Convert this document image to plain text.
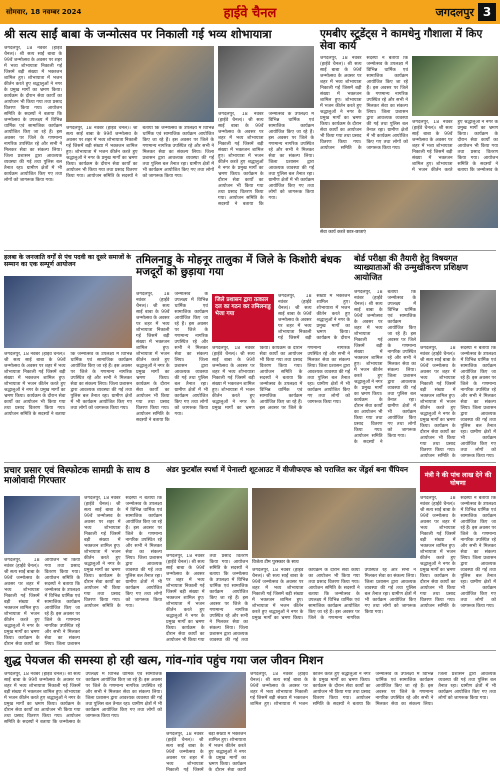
सोमवार, 18 नवम्बर 2024	हाईवे चैनल	जगदलपुर 3
श्री सत्य साईं बाबा के जन्मोत्सव पर निकाली गई भव्य शोभायात्रा
जगदलपुर, 18 नवंबर (हाईवे चैनल)। श्री सत्य साईं बाबा के 99वें जन्मोत्सव के अवसर पर शहर में भव्य शोभायात्रा निकाली गई जिसमें बड़ी संख्या में भक्तजन शामिल हुए। शोभायात्रा में भजन कीर्तन करते हुए श्रद्धालुओं ने नगर के प्रमुख मार्गों का भ्रमण किया। कार्यक्रम के दौरान सेवा कार्यों का आयोजन भी किया गया तथा प्रसाद वितरण किया गया। आयोजन समिति के सदस्यों ने बताया कि जन्मोत्सव के उपलक्ष्य में विभिन्न धार्मिक एवं सामाजिक कार्यक्रम आयोजित किए जा रहे हैं। इस अवसर पर जिले के गणमान्य नागरिक उपस्थित रहे और सभी ने मिलकर सेवा का संकल्प लिया। जिला प्रशासन द्वारा आवश्यक व्यवस्था की गई तथा पुलिस बल तैनात रहा। ग्रामीण क्षेत्रों में भी कार्यक्रम आयोजित किए गए तथा लोगों को जागरूक किया गया।
जगदलपुर, 18 नवंबर (हाईवे चैनल)। श्री सत्य साईं बाबा के 99वें जन्मोत्सव के अवसर पर शहर में भव्य शोभायात्रा निकाली गई जिसमें बड़ी संख्या में भक्तजन शामिल हुए। शोभायात्रा में भजन कीर्तन करते हुए श्रद्धालुओं ने नगर के प्रमुख मार्गों का भ्रमण किया। कार्यक्रम के दौरान सेवा कार्यों का आयोजन भी किया गया तथा प्रसाद वितरण किया गया। आयोजन समिति के सदस्यों ने बताया कि जन्मोत्सव के उपलक्ष्य में विभिन्न धार्मिक एवं सामाजिक कार्यक्रम आयोजित किए जा रहे हैं। इस अवसर पर जिले के गणमान्य नागरिक उपस्थित रहे और सभी ने मिलकर सेवा का संकल्प लिया। जिला प्रशासन द्वारा आवश्यक व्यवस्था की गई तथा पुलिस बल तैनात रहा। ग्रामीण क्षेत्रों में भी कार्यक्रम आयोजित किए गए तथा लोगों को जागरूक किया गया।
जगदलपुर, 18 नवंबर (हाईवे चैनल)। श्री सत्य साईं बाबा के 99वें जन्मोत्सव के अवसर पर शहर में भव्य शोभायात्रा निकाली गई जिसमें बड़ी संख्या में भक्तजन शामिल हुए। शोभायात्रा में भजन कीर्तन करते हुए श्रद्धालुओं ने नगर के प्रमुख मार्गों का भ्रमण किया। कार्यक्रम के दौरान सेवा कार्यों का आयोजन भी किया गया तथा प्रसाद वितरण किया गया। आयोजन समिति के सदस्यों ने बताया कि जन्मोत्सव के उपलक्ष्य में विभिन्न धार्मिक एवं सामाजिक कार्यक्रम आयोजित किए जा रहे हैं। इस अवसर पर जिले के गणमान्य नागरिक उपस्थित रहे और सभी ने मिलकर सेवा का संकल्प लिया। जिला प्रशासन द्वारा आवश्यक व्यवस्था की गई तथा पुलिस बल तैनात रहा। ग्रामीण क्षेत्रों में भी कार्यक्रम आयोजित किए गए तथा लोगों को जागरूक किया गया।
एमबीए स्टूडेंट्स ने कामधेनु गौशाला में किए सेवा कार्य
जगदलपुर, 18 नवंबर (हाईवे चैनल)। श्री सत्य साईं बाबा के 99वें जन्मोत्सव के अवसर पर शहर में भव्य शोभायात्रा निकाली गई जिसमें बड़ी संख्या में भक्तजन शामिल हुए। शोभायात्रा में भजन कीर्तन करते हुए श्रद्धालुओं ने नगर के प्रमुख मार्गों का भ्रमण किया। कार्यक्रम के दौरान सेवा कार्यों का आयोजन भी किया गया तथा प्रसाद वितरण किया गया। आयोजन समिति के सदस्यों ने बताया कि जन्मोत्सव के उपलक्ष्य में विभिन्न धार्मिक एवं सामाजिक कार्यक्रम आयोजित किए जा रहे हैं। इस अवसर पर जिले के गणमान्य नागरिक उपस्थित रहे और सभी ने मिलकर सेवा का संकल्प लिया। जिला प्रशासन द्वारा आवश्यक व्यवस्था की गई तथा पुलिस बल तैनात रहा। ग्रामीण क्षेत्रों में भी कार्यक्रम आयोजित किए गए तथा लोगों को जागरूक किया गया।
जगदलपुर, 18 नवंबर (हाईवे चैनल)। श्री सत्य साईं बाबा के 99वें जन्मोत्सव के अवसर पर शहर में भव्य शोभायात्रा निकाली गई जिसमें बड़ी संख्या में भक्तजन शामिल हुए। शोभायात्रा में भजन कीर्तन करते हुए श्रद्धालुओं ने नगर के प्रमुख मार्गों का भ्रमण किया। कार्यक्रम के दौरान सेवा कार्यों का आयोजन भी किया गया तथा प्रसाद वितरण किया गया। आयोजन समिति के सदस्यों ने बताया कि जन्मोत्सव के
सेवा कार्य करते छात्र-छात्राएं
हलबा के जनजाति वर्गों से पंच पदवी का दूसरे समाजों के सम्मान का एक सम्पूर्ण आयोजन
जगदलपुर, 18 नवंबर (हाईवे चैनल)। श्री सत्य साईं बाबा के 99वें जन्मोत्सव के अवसर पर शहर में भव्य शोभायात्रा निकाली गई जिसमें बड़ी संख्या में भक्तजन शामिल हुए। शोभायात्रा में भजन कीर्तन करते हुए श्रद्धालुओं ने नगर के प्रमुख मार्गों का भ्रमण किया। कार्यक्रम के दौरान सेवा कार्यों का आयोजन भी किया गया तथा प्रसाद वितरण किया गया। आयोजन समिति के सदस्यों ने बताया कि जन्मोत्सव के उपलक्ष्य में विभिन्न धार्मिक एवं सामाजिक कार्यक्रम आयोजित किए जा रहे हैं। इस अवसर पर जिले के गणमान्य नागरिक उपस्थित रहे और सभी ने मिलकर सेवा का संकल्प लिया। जिला प्रशासन द्वारा आवश्यक व्यवस्था की गई तथा पुलिस बल तैनात रहा। ग्रामीण क्षेत्रों में भी कार्यक्रम आयोजित किए गए तथा लोगों को जागरूक किया गया।
तमिलनाडु के मोहनूर तालुका में जिले के किशोरी बंधक मजदूरों को छुड़ाया गया
जगदलपुर, 18 नवंबर (हाईवे चैनल)। श्री सत्य साईं बाबा के 99वें जन्मोत्सव के अवसर पर शहर में भव्य शोभायात्रा निकाली गई जिसमें बड़ी संख्या में भक्तजन शामिल हुए। शोभायात्रा में भजन कीर्तन करते हुए श्रद्धालुओं ने नगर के प्रमुख मार्गों का भ्रमण किया। कार्यक्रम के दौरान सेवा कार्यों का आयोजन भी किया गया तथा प्रसाद वितरण किया गया। आयोजन समिति के सदस्यों ने बताया कि जन्मोत्सव के उपलक्ष्य में विभिन्न धार्मिक एवं सामाजिक कार्यक्रम आयोजित किए जा रहे हैं। इस अवसर पर जिले के गणमान्य नागरिक उपस्थित रहे और सभी ने मिलकर सेवा का संकल्प लिया। जिला प्रशासन द्वारा आवश्यक व्यवस्था की गई तथा पुलिस बल तैनात रहा। ग्रामीण क्षेत्रों में भी कार्यक्रम आयोजित किए गए तथा लोगों को जागरूक किया गया।
जिले प्रशासन द्वारा तत्काल दल का गठन कर तमिलनाडु भेजा गया
जगदलपुर, 18 नवंबर (हाईवे चैनल)। श्री सत्य साईं बाबा के 99वें जन्मोत्सव के अवसर पर शहर में भव्य शोभायात्रा निकाली गई जिसमें बड़ी संख्या में भक्तजन शामिल हुए। शोभायात्रा में भजन कीर्तन करते हुए श्रद्धालुओं ने नगर के प्रमुख मार्गों का भ्रमण किया। कार्यक्रम के दौरान सेवा कार्यों का आयोजन भी किया गया तथा प्रसाद वितरण किया गया। आयोजन समिति के सदस्यों ने बताया कि जन्मोत्सव के उपलक्ष्य में विभिन्न धार्मिक एवं सामाजिक कार्यक्रम आयोजित किए जा रहे हैं। इस अवसर पर जिले के गणमान्य नागरिक उपस्थित रहे और सभी ने मिलकर सेवा का संकल्प लिया। जिला प्रशासन द्वारा आवश्यक व्यवस्था की गई तथा पुलिस बल तैनात रहा। ग्रामीण क्षेत्रों में भी कार्यक्रम आयोजित किए गए तथा लोगों को जागरूक किया गया।
जगदलपुर, 18 नवंबर (हाईवे चैनल)। श्री सत्य साईं बाबा के 99वें जन्मोत्सव के अवसर पर शहर में भव्य शोभायात्रा निकाली गई जिसमें बड़ी संख्या में भक्तजन शामिल हुए। शोभायात्रा में भजन कीर्तन करते हुए श्रद्धालुओं ने नगर के प्रमुख मार्गों का भ्रमण किया। कार्यक्रम के दौरान
बोर्ड परीक्षा की तैयारी हेतु विषयगत व्याख्याताओं की उन्मुखीकरण प्रशिक्षण आयोजित
जगदलपुर, 18 नवंबर (हाईवे चैनल)। श्री सत्य साईं बाबा के 99वें जन्मोत्सव के अवसर पर शहर में भव्य शोभायात्रा निकाली गई जिसमें बड़ी संख्या में भक्तजन शामिल हुए। शोभायात्रा में भजन कीर्तन करते हुए श्रद्धालुओं ने नगर के प्रमुख मार्गों का भ्रमण किया। कार्यक्रम के दौरान सेवा कार्यों का आयोजन भी किया गया तथा प्रसाद वितरण किया गया। आयोजन समिति के सदस्यों ने बताया कि जन्मोत्सव के उपलक्ष्य में विभिन्न धार्मिक एवं सामाजिक कार्यक्रम आयोजित किए जा रहे हैं। इस अवसर पर जिले के गणमान्य नागरिक उपस्थित रहे और सभी ने मिलकर सेवा का संकल्प लिया। जिला प्रशासन द्वारा आवश्यक व्यवस्था की गई तथा पुलिस बल तैनात रहा। ग्रामीण क्षेत्रों में भी कार्यक्रम आयोजित किए गए तथा लोगों को जागरूक किया गया।
जगदलपुर, 18 नवंबर (हाईवे चैनल)। श्री सत्य साईं बाबा के 99वें जन्मोत्सव के अवसर पर शहर में भव्य शोभायात्रा निकाली गई जिसमें बड़ी संख्या में भक्तजन शामिल हुए। शोभायात्रा में भजन कीर्तन करते हुए श्रद्धालुओं ने नगर के प्रमुख मार्गों का भ्रमण किया। कार्यक्रम के दौरान सेवा कार्यों का आयोजन भी किया गया तथा प्रसाद वितरण किया गया। आयोजन समिति के सदस्यों ने बताया कि जन्मोत्सव के उपलक्ष्य में विभिन्न धार्मिक एवं सामाजिक कार्यक्रम आयोजित किए जा रहे हैं। इस अवसर पर जिले के गणमान्य नागरिक उपस्थित रहे और सभी ने मिलकर सेवा का संकल्प लिया। जिला प्रशासन द्वारा आवश्यक व्यवस्था की गई तथा पुलिस बल तैनात रहा। ग्रामीण क्षेत्रों में भी कार्यक्रम आयोजित किए गए तथा लोगों को जागरूक किया गया।
प्रचार प्रसार एवं विस्फोटक सामग्री के साथ 8 माओवादी गिरफ्तार
जगदलपुर, 18 नवंबर (हाईवे चैनल)। श्री सत्य साईं बाबा के 99वें जन्मोत्सव के अवसर पर शहर में भव्य शोभायात्रा निकाली गई जिसमें बड़ी संख्या में भक्तजन शामिल हुए। शोभायात्रा में भजन कीर्तन करते हुए श्रद्धालुओं ने नगर के प्रमुख मार्गों का भ्रमण किया। कार्यक्रम के दौरान सेवा कार्यों का आयोजन भी किया गया तथा प्रसाद वितरण किया गया। आयोजन समिति के सदस्यों ने बताया कि जन्मोत्सव के उपलक्ष्य में विभिन्न धार्मिक एवं सामाजिक कार्यक्रम आयोजित किए जा रहे हैं। इस अवसर पर जिले के गणमान्य नागरिक उपस्थित रहे और सभी ने मिलकर सेवा का संकल्प लिया। जिला प्रशासन
जगदलपुर, 18 नवंबर (हाईवे चैनल)। श्री सत्य साईं बाबा के 99वें जन्मोत्सव के अवसर पर शहर में भव्य शोभायात्रा निकाली गई जिसमें बड़ी संख्या में भक्तजन शामिल हुए। शोभायात्रा में भजन कीर्तन करते हुए श्रद्धालुओं ने नगर के प्रमुख मार्गों का भ्रमण किया। कार्यक्रम के दौरान सेवा कार्यों का आयोजन भी किया गया तथा प्रसाद वितरण किया गया। आयोजन समिति के सदस्यों ने बताया कि जन्मोत्सव के उपलक्ष्य में विभिन्न धार्मिक एवं सामाजिक कार्यक्रम आयोजित किए जा रहे हैं। इस अवसर पर जिले के गणमान्य नागरिक उपस्थित रहे और सभी ने मिलकर सेवा का संकल्प लिया। जिला प्रशासन द्वारा आवश्यक व्यवस्था की गई तथा पुलिस बल तैनात रहा। ग्रामीण क्षेत्रों में भी कार्यक्रम आयोजित किए गए तथा लोगों को जागरूक किया गया।
अंडर फुटबॉल स्पर्धा में पेनाल्टी शूटआउट में वीजीफएफ को पराजित कर जेंड्रर्स बना चैंपियन
जगदलपुर, 18 नवंबर (हाईवे चैनल)। श्री सत्य साईं बाबा के 99वें जन्मोत्सव के अवसर पर शहर में भव्य शोभायात्रा निकाली गई जिसमें बड़ी संख्या में भक्तजन शामिल हुए। शोभायात्रा में भजन कीर्तन करते हुए श्रद्धालुओं ने नगर के प्रमुख मार्गों का भ्रमण किया। कार्यक्रम के दौरान सेवा कार्यों का आयोजन भी किया गया तथा प्रसाद वितरण किया गया। आयोजन समिति के सदस्यों ने बताया कि जन्मोत्सव के उपलक्ष्य में विभिन्न धार्मिक एवं सामाजिक कार्यक्रम आयोजित किए जा रहे हैं। इस अवसर पर जिले के गणमान्य नागरिक उपस्थित रहे और सभी ने मिलकर सेवा का संकल्प लिया। जिला प्रशासन द्वारा आवश्यक व्यवस्था की गई तथा
विजेता टीम पुरस्कार के साथ
जगदलपुर, 18 नवंबर (हाईवे चैनल)। श्री सत्य साईं बाबा के 99वें जन्मोत्सव के अवसर पर शहर में भव्य शोभायात्रा निकाली गई जिसमें बड़ी संख्या में भक्तजन शामिल हुए। शोभायात्रा में भजन कीर्तन करते हुए श्रद्धालुओं ने नगर के प्रमुख मार्गों का भ्रमण किया। कार्यक्रम के दौरान सेवा कार्यों का आयोजन भी किया गया तथा प्रसाद वितरण किया गया। आयोजन समिति के सदस्यों ने बताया कि जन्मोत्सव के उपलक्ष्य में विभिन्न धार्मिक एवं सामाजिक कार्यक्रम आयोजित किए जा रहे हैं। इस अवसर पर जिले के गणमान्य नागरिक उपस्थित रहे और सभी ने मिलकर सेवा का संकल्प लिया। जिला प्रशासन द्वारा आवश्यक व्यवस्था की गई तथा पुलिस बल तैनात रहा। ग्रामीण क्षेत्रों में भी कार्यक्रम आयोजित किए गए तथा लोगों को जागरूक किया गया।
मंत्री ने की पांच लाख देने की घोषणा
जगदलपुर, 18 नवंबर (हाईवे चैनल)। श्री सत्य साईं बाबा के 99वें जन्मोत्सव के अवसर पर शहर में भव्य शोभायात्रा निकाली गई जिसमें बड़ी संख्या में भक्तजन शामिल हुए। शोभायात्रा में भजन कीर्तन करते हुए श्रद्धालुओं ने नगर के प्रमुख मार्गों का भ्रमण किया। कार्यक्रम के दौरान सेवा कार्यों का आयोजन भी किया गया तथा प्रसाद वितरण किया गया। आयोजन समिति के सदस्यों ने बताया कि जन्मोत्सव के उपलक्ष्य में विभिन्न धार्मिक एवं सामाजिक कार्यक्रम आयोजित किए जा रहे हैं। इस अवसर पर जिले के गणमान्य नागरिक उपस्थित रहे और सभी ने मिलकर सेवा का संकल्प लिया। जिला प्रशासन द्वारा आवश्यक व्यवस्था की गई तथा पुलिस बल तैनात रहा। ग्रामीण क्षेत्रों में भी कार्यक्रम आयोजित किए गए तथा लोगों को जागरूक किया गया।
शुद्ध पेयजल की समस्या हो रही खत्म, गांव-गांव पहुंच गया जल जीवन मिशन
जगदलपुर, 18 नवंबर (हाईवे चैनल)। श्री सत्य साईं बाबा के 99वें जन्मोत्सव के अवसर पर शहर में भव्य शोभायात्रा निकाली गई जिसमें बड़ी संख्या में भक्तजन शामिल हुए। शोभायात्रा में भजन कीर्तन करते हुए श्रद्धालुओं ने नगर के प्रमुख मार्गों का भ्रमण किया। कार्यक्रम के दौरान सेवा कार्यों का आयोजन भी किया गया तथा प्रसाद वितरण किया गया। आयोजन समिति के सदस्यों ने बताया कि जन्मोत्सव के उपलक्ष्य में विभिन्न धार्मिक एवं सामाजिक कार्यक्रम आयोजित किए जा रहे हैं। इस अवसर पर जिले के गणमान्य नागरिक उपस्थित रहे और सभी ने मिलकर सेवा का संकल्प लिया। जिला प्रशासन द्वारा आवश्यक व्यवस्था की गई तथा पुलिस बल तैनात रहा। ग्रामीण क्षेत्रों में भी कार्यक्रम आयोजित किए गए तथा लोगों को जागरूक किया गया।
जगदलपुर, 18 नवंबर (हाईवे चैनल)। श्री सत्य साईं बाबा के 99वें जन्मोत्सव के अवसर पर शहर में भव्य शोभायात्रा निकाली गई जिसमें बड़ी संख्या में भक्तजन शामिल हुए। शोभायात्रा में भजन कीर्तन करते हुए श्रद्धालुओं ने नगर के प्रमुख मार्गों का भ्रमण किया। कार्यक्रम के दौरान सेवा कार्यों
जगदलपुर, 18 नवंबर (हाईवे चैनल)। श्री सत्य साईं बाबा के 99वें जन्मोत्सव के अवसर पर शहर में भव्य शोभायात्रा निकाली गई जिसमें बड़ी संख्या में भक्तजन शामिल हुए। शोभायात्रा में भजन कीर्तन करते हुए श्रद्धालुओं ने नगर के प्रमुख मार्गों का भ्रमण किया। कार्यक्रम के दौरान सेवा कार्यों का आयोजन भी किया गया तथा प्रसाद वितरण किया गया। आयोजन समिति के सदस्यों ने बताया कि जन्मोत्सव के उपलक्ष्य में विभिन्न धार्मिक एवं सामाजिक कार्यक्रम आयोजित किए जा रहे हैं। इस अवसर पर जिले के गणमान्य नागरिक उपस्थित रहे और सभी ने मिलकर सेवा का संकल्प लिया। जिला प्रशासन द्वारा आवश्यक व्यवस्था की गई तथा पुलिस बल तैनात रहा। ग्रामीण क्षेत्रों में भी कार्यक्रम आयोजित किए गए तथा लोगों को जागरूक किया गया।
